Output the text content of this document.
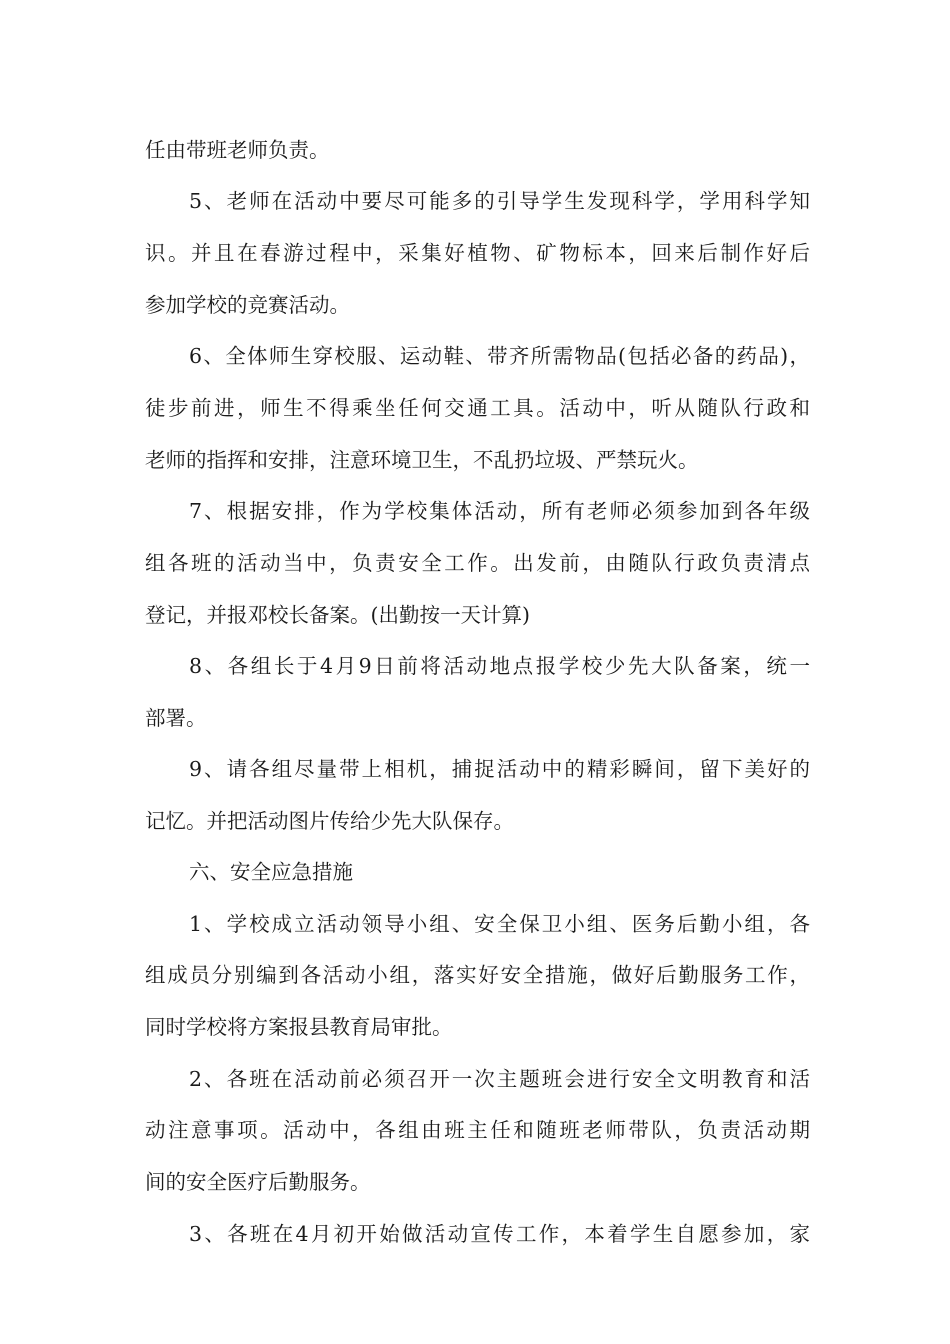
任由带班老师负责。
5、老师在活动中要尽可能多的引导学生发现科学，学用科学知
识。并且在春游过程中，采集好植物、矿物标本，回来后制作好后
参加学校的竞赛活动。
6、全体师生穿校服、运动鞋、带齐所需物品(包括必备的药品)，
徒步前进，师生不得乘坐任何交通工具。活动中，听从随队行政和
老师的指挥和安排，注意环境卫生，不乱扔垃圾、严禁玩火。
7、根据安排，作为学校集体活动，所有老师必须参加到各年级
组各班的活动当中，负责安全工作。出发前，由随队行政负责清点
登记，并报邓校长备案。(出勤按一天计算)
8、各组长于4月9日前将活动地点报学校少先大队备案，统一
部署。
9、请各组尽量带上相机，捕捉活动中的精彩瞬间，留下美好的
记忆。并把活动图片传给少先大队保存。
六、安全应急措施
1、学校成立活动领导小组、安全保卫小组、医务后勤小组，各
组成员分别编到各活动小组，落实好安全措施，做好后勤服务工作，
同时学校将方案报县教育局审批。
2、各班在活动前必须召开一次主题班会进行安全文明教育和活
动注意事项。活动中，各组由班主任和随班老师带队，负责活动期
间的安全医疗后勤服务。
3、各班在4月初开始做活动宣传工作，本着学生自愿参加，家
